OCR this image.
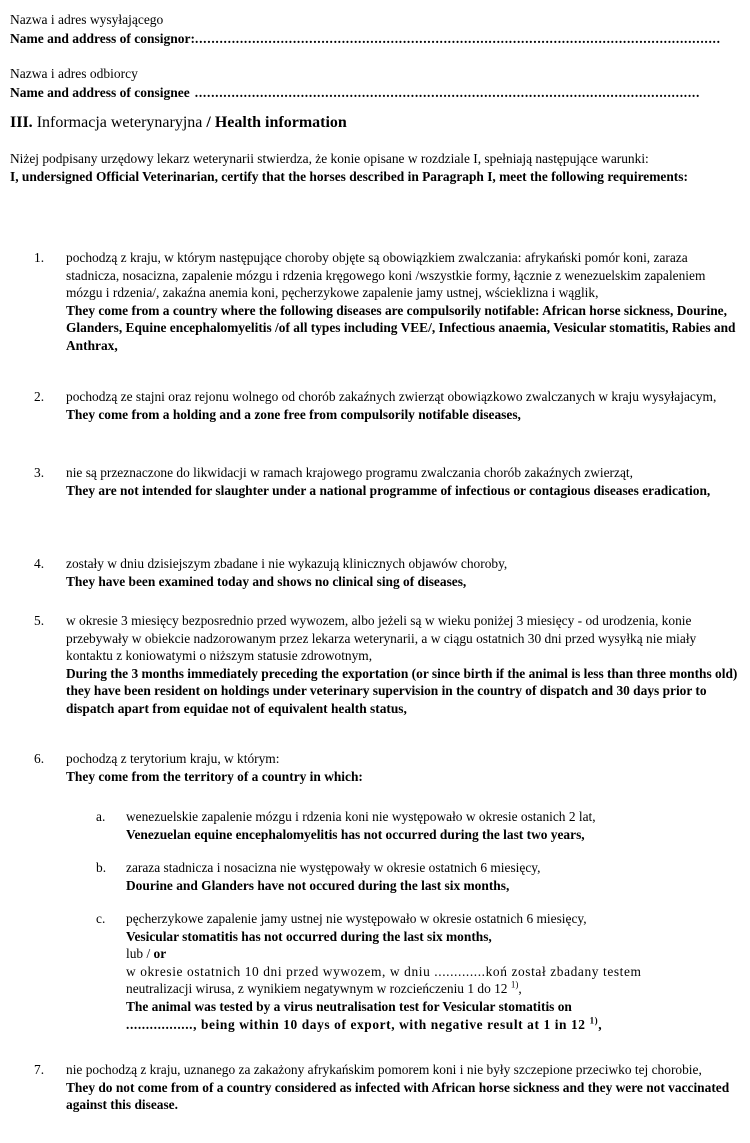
Nazwa i adres wysyłającego
Name and address of consignor: .................................................................................................................................
Nazwa i adres odbiorcy
Name and address of consignee ............................................................................................................................
III. Informacja weterynaryjna / Health information
Niżej podpisany urzędowy lekarz weterynarii stwierdza, że konie opisane w rozdziale I, spełniają następujące warunki:
I, undersigned Official Veterinarian, certify that the horses described in Paragraph I, meet the following requirements:
1.	pochodzą z kraju, w którym następujące choroby objęte są obowiązkiem zwalczania: afrykański pomór koni, zaraza stadnicza, nosacizna, zapalenie mózgu i rdzenia kręgowego koni /wszystkie formy, łącznie z wenezuelskim zapaleniem mózgu i rdzenia/, zakaźna anemia koni, pęcherzykowe zapalenie jamy ustnej, wścieklizna i wąglik,
They come from a country where the following diseases are compulsorily notifable: African horse sickness, Dourine, Glanders, Equine encephalomyelitis /of all types including VEE/, Infectious anaemia, Vesicular stomatitis, Rabies and Anthrax,
2.	pochodzą ze stajni oraz rejonu wolnego od chorób zakaźnych zwierząt obowiązkowo zwalczanych w kraju wysyłajacym,
They come from a holding and a zone free from compulsorily notifable diseases,
3.	nie są przeznaczone do likwidacji w ramach krajowego programu zwalczania chorób zakaźnych zwierząt,
They are not intended for slaughter under a national programme of infectious or contagious diseases eradication,
4.	zostały w dniu dzisiejszym zbadane i nie wykazują klinicznych objawów choroby,
They have been examined today and shows no clinical sing of diseases,
5.	w okresie 3 miesięcy bezposrednio przed wywozem, albo jeżeli są w wieku poniżej 3 miesięcy - od urodzenia, konie przebywały w obiekcie nadzorowanym przez lekarza weterynarii, a w ciągu ostatnich 30 dni przed wysyłką nie miały kontaktu z koniowatymi o niższym statusie zdrowotnym,
During the 3 months immediately preceding the exportation (or since birth if the animal is less than three months old) they have been resident on holdings under veterinary supervision in the country of dispatch and 30 days prior to dispatch apart from equidae not of equivalent health status,
6.	pochodzą z terytorium kraju, w którym:
They come from the territory of a country in which:
a.	wenezuelskie zapalenie mózgu i rdzenia koni nie występowało w okresie ostanich 2 lat,
Venezuelan equine encephalomyelitis has not occurred during the last two years,
b.	zaraza stadnicza i nosacizna nie występowały w okresie ostatnich 6 miesięcy,
Dourine and Glanders have not occured during the last six months,
c.	pęcherzykowe zapalenie jamy ustnej nie występowało w okresie ostatnich 6 miesięcy,
Vesicular stomatitis has not occurred during the last six months,
lub / or
w okresie ostatnich 10 dni przed wywozem, w dniu .............koń został zbadany testem
neutralizacji wirusa, z wynikiem negatywnym w rozcieńczeniu 1 do 12 $^{1)}$,
The animal was tested by a virus neutralisation test for Vesicular stomatitis on
................., being within 10 days of export, with negative result at 1 in 12 $^{1)}$,
7.	nie pochodzą z kraju, uznanego za zakażony afrykańskim pomorem koni i nie były szczepione przeciwko tej chorobie,
They do not come from of a country considered as infected with African horse sickness and they were not vaccinated against this disease.
